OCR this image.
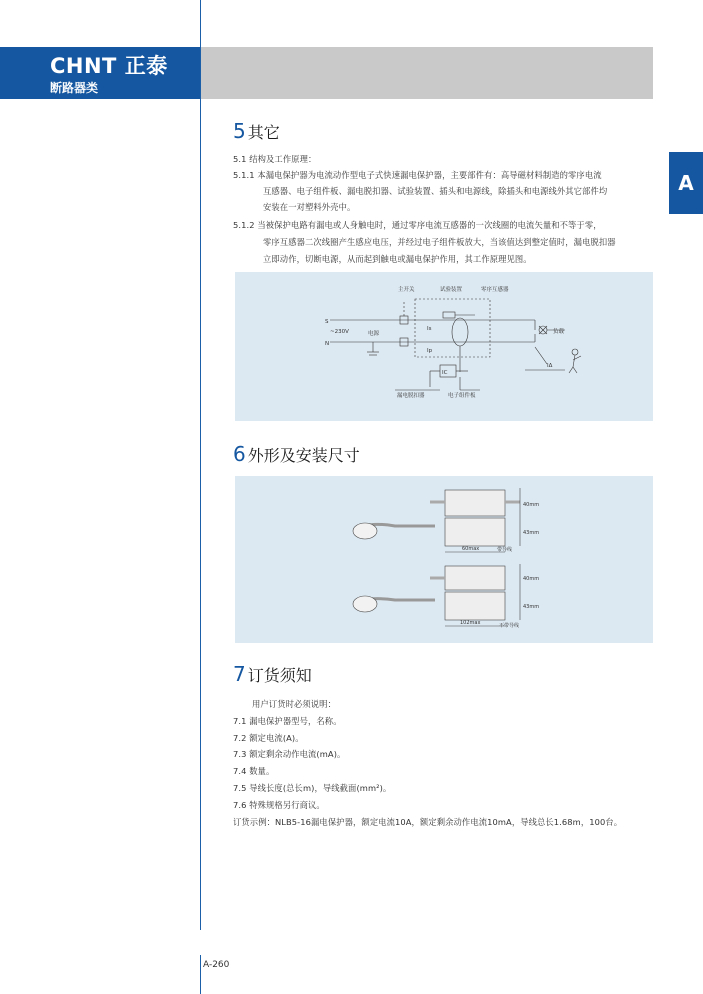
CHNT 正泰
断路器类
A
5 其它
5.1 结构及工作原理：
5.1.1 本漏电保护器为电流动作型电子式快速漏电保护器，主要部件有：高导磁材料制造的零序电流
互感器、电子组件板、漏电脱扣器、试验装置、插头和电源线，除插头和电源线外其它部件均
安装在一对塑料外壳中。
5.1.2 当被保护电路有漏电或人身触电时，通过零序电流互感器的一次线圈的电流矢量和不等于零，
零序互感器二次线圈产生感应电压，并经过电子组件板放大，当该值达到整定值时，漏电脱扣器
立即动作，切断电源，从而起到触电或漏电保护作用，其工作原理见图。
主开关	试验装置	零序互感器
S
N
~230V	电源	负载
IC
漏电脱扣器	电子组件板
Is
Ip
IΔ
6 外形及安装尺寸
40mm
43mm
60max	带导线
40mm
43mm
102max	不带导线
7 订货须知
用户订货时必须说明：
7.1 漏电保护器型号，名称。
7.2 额定电流(A)。
7.3 额定剩余动作电流(mA)。
7.4 数量。
7.5 导线长度(总长m)，导线截面(mm²)。
7.6 特殊规格另行商议。
订货示例：NLB5-16漏电保护器，额定电流10A，额定剩余动作电流10mA，导线总长1.68m，100台。
A-260
